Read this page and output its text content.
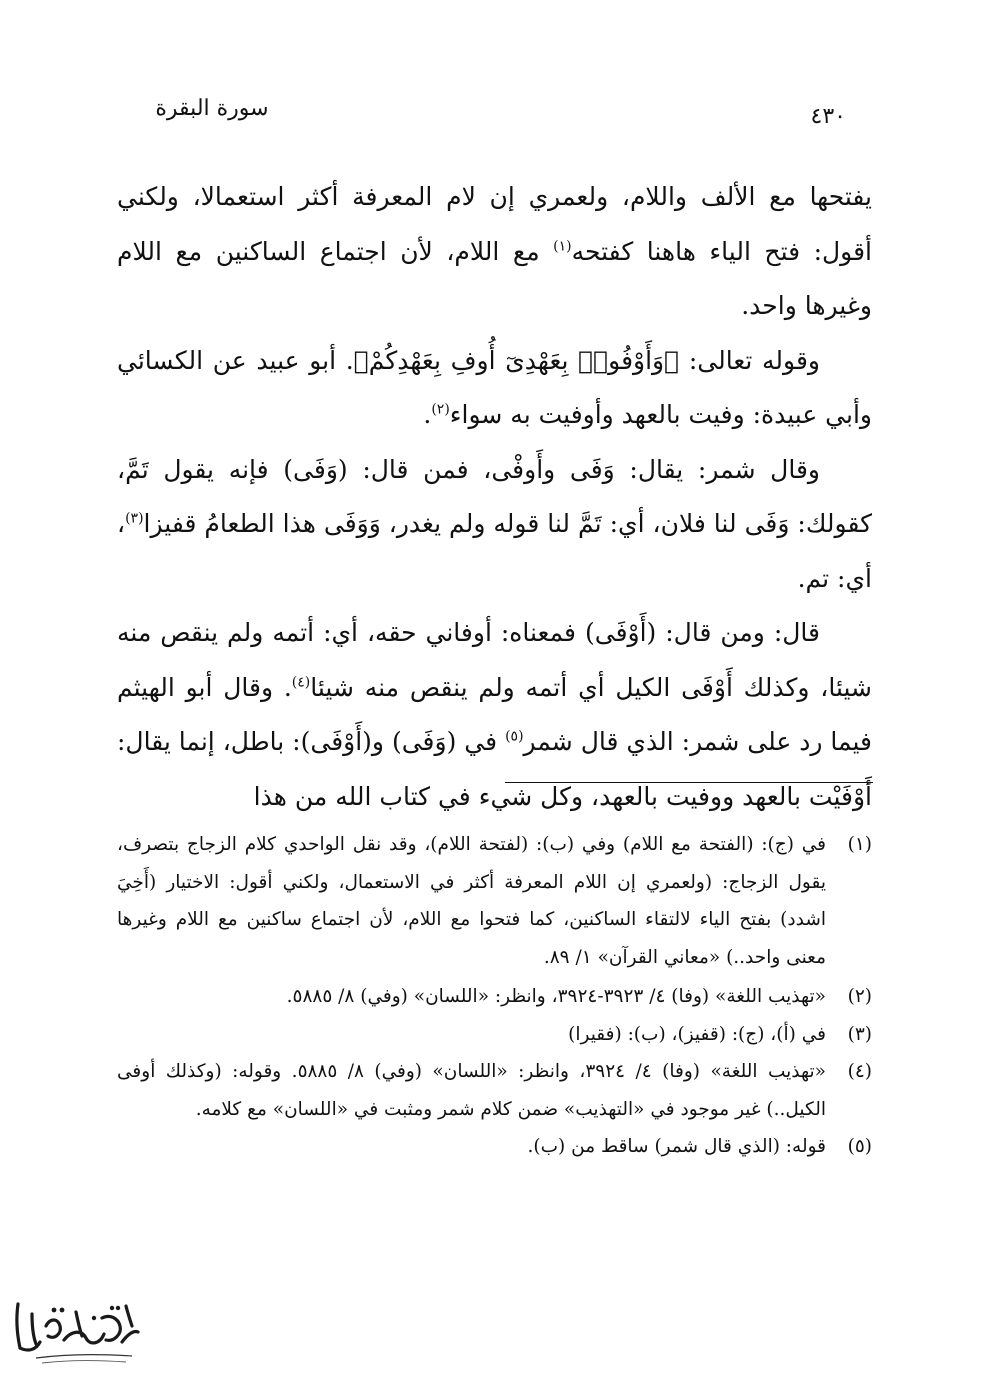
سورة البقرة	٤٣٠

يفتحها مع الألف واللام، ولعمري إن لام المعرفة أكثر استعمالا، ولكني أقول: فتح الياء هاهنا كفتحه$^{(١)}$ مع اللام، لأن اجتماع الساكنين مع اللام وغيرها واحد.

وقوله تعالى: ﴿وَأَوْفُوا۟ بِعَهْدِىٓ أُوفِ بِعَهْدِكُمْ﴾. أبو عبيد عن الكسائي وأبي عبيدة: وفيت بالعهد وأوفيت به سواء$^{(٢)}$.

وقال شمر: يقال: وَفَى وأَوفْى، فمن قال: (وَفَى) فإنه يقول تَمَّ، كقولك: وَفَى لنا فلان، أي: تَمَّ لنا قوله ولم يغدر، وَوَفَى هذا الطعامُ قفيزا$^{(٣)}$، أي: تم.

قال: ومن قال: (أَوْفَى) فمعناه: أوفاني حقه، أي: أتمه ولم ينقص منه شيئا، وكذلك أَوْفَى الكيل أي أتمه ولم ينقص منه شيئا$^{(٤)}$. وقال أبو الهيثم فيما رد على شمر: الذي قال شمر$^{(٥)}$ في (وَفَى) و(أَوْفَى): باطل، إنما يقال: أَوْفَيْت بالعهد ووفيت بالعهد، وكل شيء في كتاب الله من هذا

(١)
في (ج): (الفتحة مع اللام) وفي (ب): (لفتحة اللام)، وقد نقل الواحدي كلام الزجاج بتصرف، يقول الزجاج: (ولعمري إن اللام المعرفة أكثر في الاستعمال، ولكني أقول: الاختيار (أَخِيَ اشدد) بفتح الياء لالتقاء الساكنين، كما فتحوا مع اللام، لأن اجتماع ساكنين مع اللام وغيرها معنى واحد..) «معاني القرآن» ١/ ٨٩.
(٢)
«تهذيب اللغة» (وفا) ٤/ ٣٩٢٣-٣٩٢٤، وانظر: «اللسان» (وفي) ٨/ ٥٨٨٥.
(٣)
في (أ)، (ج): (قفيز)، (ب): (فقيرا)
(٤)
«تهذيب اللغة» (وفا) ٤/ ٣٩٢٤، وانظر: «اللسان» (وفي) ٨/ ٥٨٨٥. وقوله: (وكذلك أوفى الكيل..) غير موجود في «التهذيب» ضمن كلام شمر ومثبت في «اللسان» مع كلامه.
(٥)
قوله: (الذي قال شمر) ساقط من (ب).
